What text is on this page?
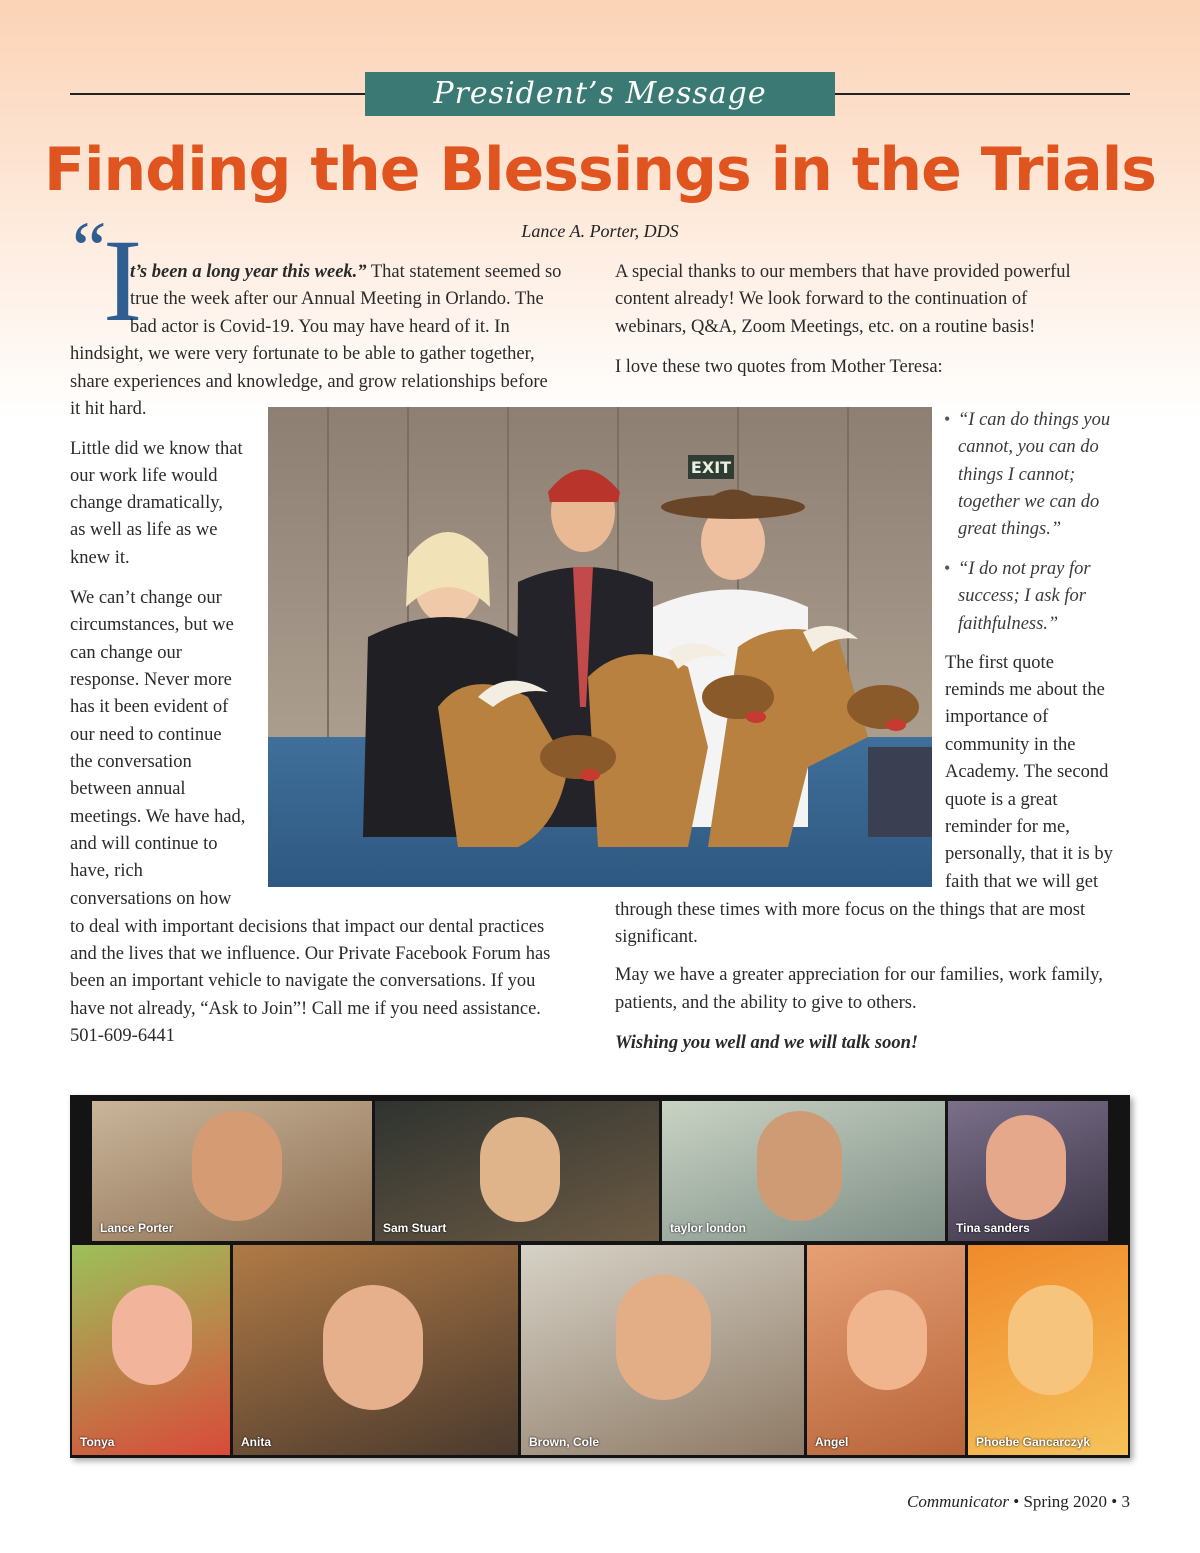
President’s Message
Finding the Blessings in the Trials
Lance A. Porter, DDS
“
I

t’s been a long year this week.” That statement seemed so

true the week after our Annual Meeting in Orlando. The

bad actor is Covid-19. You may have heard of it. In

hindsight, we were very fortunate to be able to gather together,

share experiences and knowledge, and grow relationships before

it hit hard.

Little did we know that

our work life would

change dramatically,

as well as life as we

knew it.

We can’t change our

circumstances, but we

can change our

response. Never more

has it been evident of

our need to continue

the conversation

between annual

meetings. We have had,

and will continue to

have, rich

conversations on how

to deal with important decisions that impact our dental practices

and the lives that we influence. Our Private Facebook Forum has

been an important vehicle to navigate the conversations. If you

have not already, “Ask to Join”! Call me if you need assistance.

501-609-6441

A special thanks to our members that have provided powerful

content already! We look forward to the continuation of

webinars, Q&A, Zoom Meetings, etc. on a routine basis!

I love these two quotes from Mother Teresa:

• “I can do things you

cannot, you can do

things I cannot;

together we can do

great things.”

• “I do not pray for

success; I ask for

faithfulness.”

The first quote

reminds me about the

importance of

community in the

Academy. The second

quote is a great

reminder for me,

personally, that it is by

faith that we will get

through these times with more focus on the things that are most

significant.

May we have a greater appreciation for our families, work family,

patients, and the ability to give to others.

Wishing you well and we will talk soon!

EXIT
Lance Porter	Sam Stuart	taylor london	Tina sanders
Tonya	Anita	Brown, Cole	Angel	Phoebe Gancarczyk
Communicator • Spring 2020 • 3
